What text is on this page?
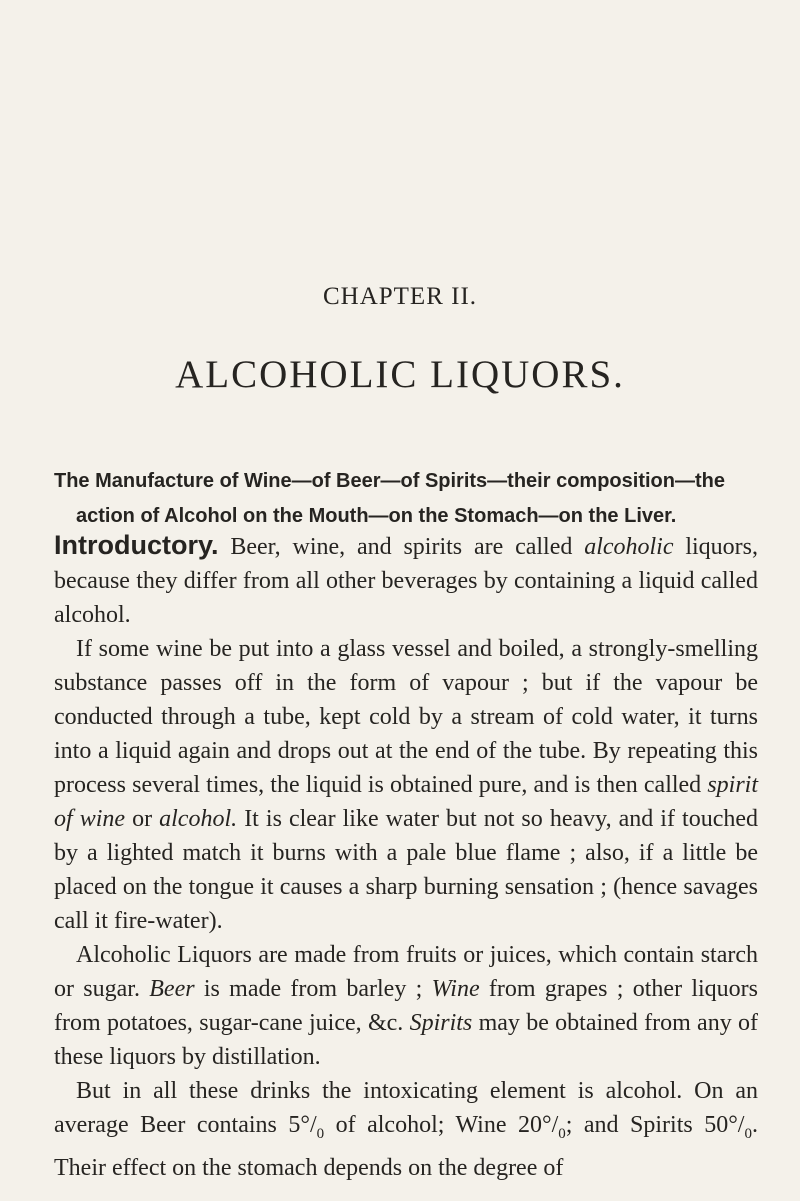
CHAPTER II.
ALCOHOLIC LIQUORS.

The Manufacture of Wine—of Beer—of Spirits—their composition—the

action of Alcohol on the Mouth—on the Stomach—on the Liver.

Introductory. Beer, wine, and spirits are called alcoholic liquors, because they differ from all other beverages by containing a liquid called alcohol.

If some wine be put into a glass vessel and boiled, a strongly-smelling substance passes off in the form of vapour ; but if the vapour be conducted through a tube, kept cold by a stream of cold water, it turns into a liquid again and drops out at the end of the tube. By repeating this process several times, the liquid is obtained pure, and is then called spirit of wine or alcohol. It is clear like water but not so heavy, and if touched by a lighted match it burns with a pale blue flame ; also, if a little be placed on the tongue it causes a sharp burning sensation ; (hence savages call it fire-water).

Alcoholic Liquors are made from fruits or juices, which contain starch or sugar. Beer is made from barley ; Wine from grapes ; other liquors from potatoes, sugar-cane juice, &c. Spirits may be obtained from any of these liquors by distillation.

But in all these drinks the intoxicating element is alcohol. On an average Beer contains $5^\circ/_0$ of alcohol; Wine $20^\circ/_0$; and Spirits $50^\circ/_0$. Their effect on the stomach depends on the degree of
